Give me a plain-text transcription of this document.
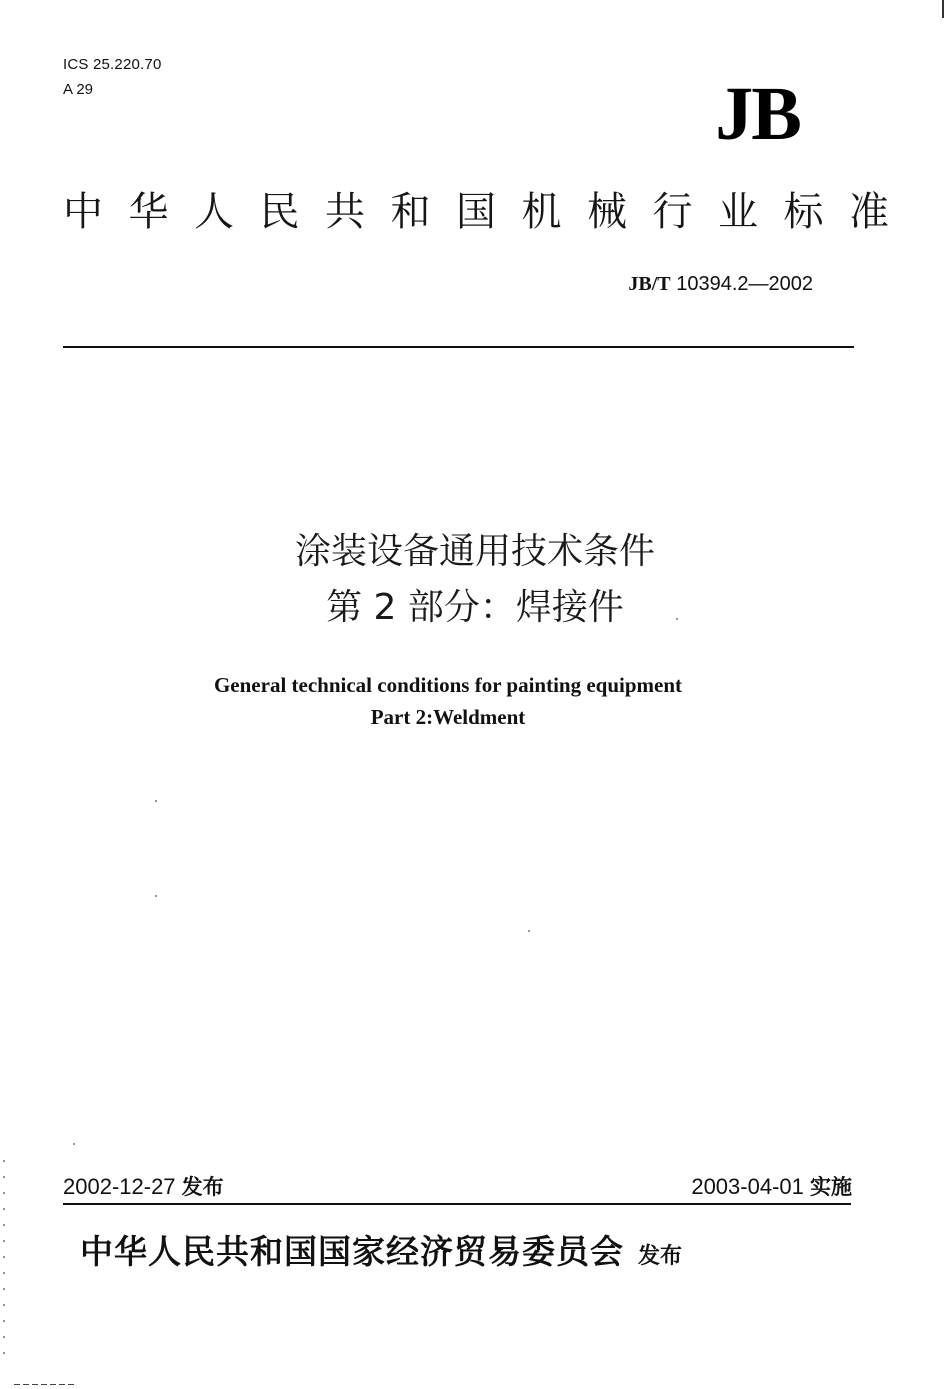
ICS 25.220.70
A 29	JB
中华人民共和国机械行业标准
JB/T 10394.2—2002
涂装设备通用技术条件
第 2 部分：焊接件
General technical conditions for painting equipment
Part 2:Weldment
2002-12-27 发布	2003-04-01 实施
中华人民共和国国家经济贸易委员会 发布
